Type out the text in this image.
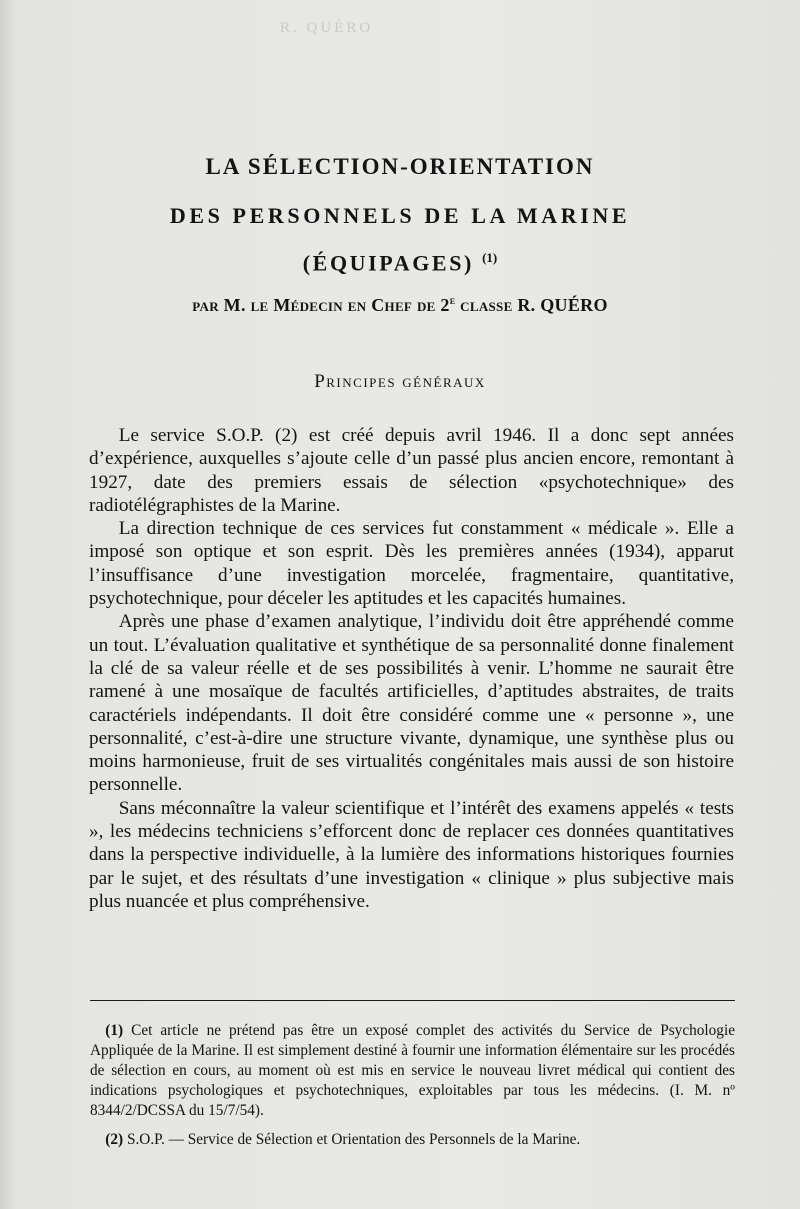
R. QUÉRO
LA SÉLECTION-ORIENTATION
DES PERSONNELS DE LA MARINE
(ÉQUIPAGES) $^{(1)}$
par M. le Médecin en Chef de 2e classe R. QUÉRO
Principes généraux

Le service S.O.P. (2) est créé depuis avril 1946. Il a donc sept années d’expérience, auxquelles s’ajoute celle d’un passé plus ancien encore, remontant à 1927, date des premiers essais de sélection «psychotechnique» des radiotélégraphistes de la Marine.

La direction technique de ces services fut constamment « médicale ». Elle a imposé son optique et son esprit. Dès les premières années (1934), apparut l’insuffisance d’une investigation morcelée, fragmentaire, quantitative, psychotechnique, pour déceler les aptitudes et les capacités humaines.

Après une phase d’examen analytique, l’individu doit être appréhendé comme un tout. L’évaluation qualitative et synthétique de sa personnalité donne finalement la clé de sa valeur réelle et de ses possibilités à venir. L’homme ne saurait être ramené à une mosaïque de facultés artificielles, d’aptitudes abstraites, de traits caractériels indépendants. Il doit être considéré comme une « personne », une personnalité, c’est-à-dire une structure vivante, dynamique, une synthèse plus ou moins harmonieuse, fruit de ses virtualités congénitales mais aussi de son histoire personnelle.

Sans méconnaître la valeur scientifique et l’intérêt des examens appelés « tests », les médecins techniciens s’efforcent donc de replacer ces données quantitatives dans la perspective individuelle, à la lumière des informations historiques fournies par le sujet, et des résultats d’une investigation « clinique » plus subjective mais plus nuancée et plus compréhensive.

(1) Cet article ne prétend pas être un exposé complet des activités du Service de Psychologie Appliquée de la Marine. Il est simplement destiné à fournir une information élémentaire sur les procédés de sélection en cours, au moment où est mis en service le nouveau livret médical qui contient des indications psychologiques et psychotechniques, exploitables par tous les médecins. (I. M. nº 8344/2/DCSSA du 15/7/54).

(2) S.O.P. — Service de Sélection et Orientation des Personnels de la Marine.
